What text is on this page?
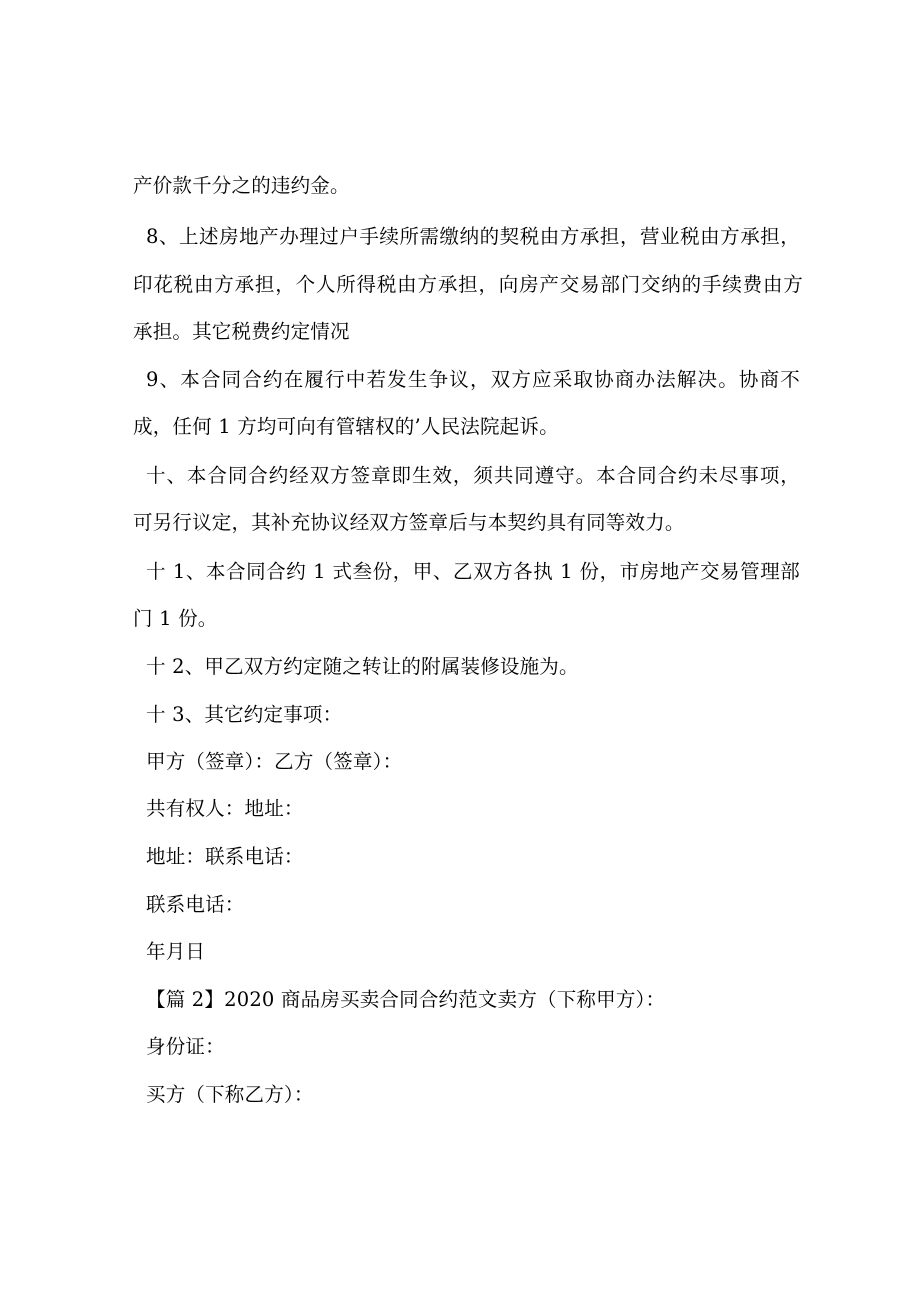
产价款千分之的违约金。
8、上述房地产办理过户手续所需缴纳的契税由方承担，营业税由方承担，
印花税由方承担，个人所得税由方承担，向房产交易部门交纳的手续费由方
承担。其它税费约定情况
9、本合同合约在履行中若发生争议，双方应采取协商办法解决。协商不
成，任何 1 方均可向有管辖权的’人民法院起诉。
十、本合同合约经双方签章即生效，须共同遵守。本合同合约未尽事项，
可另行议定，其补充协议经双方签章后与本契约具有同等效力。
十 1、本合同合约 1 式叁份，甲、乙双方各执 1 份，市房地产交易管理部
门 1 份。
十 2、甲乙双方约定随之转让的附属装修设施为。
十 3、其它约定事项：
甲方（签章）：乙方（签章）：
共有权人：地址：
地址：联系电话：
联系电话：
年月日
【篇 2】2020 商品房买卖合同合约范文卖方（下称甲方）：
身份证：
买方（下称乙方）：
